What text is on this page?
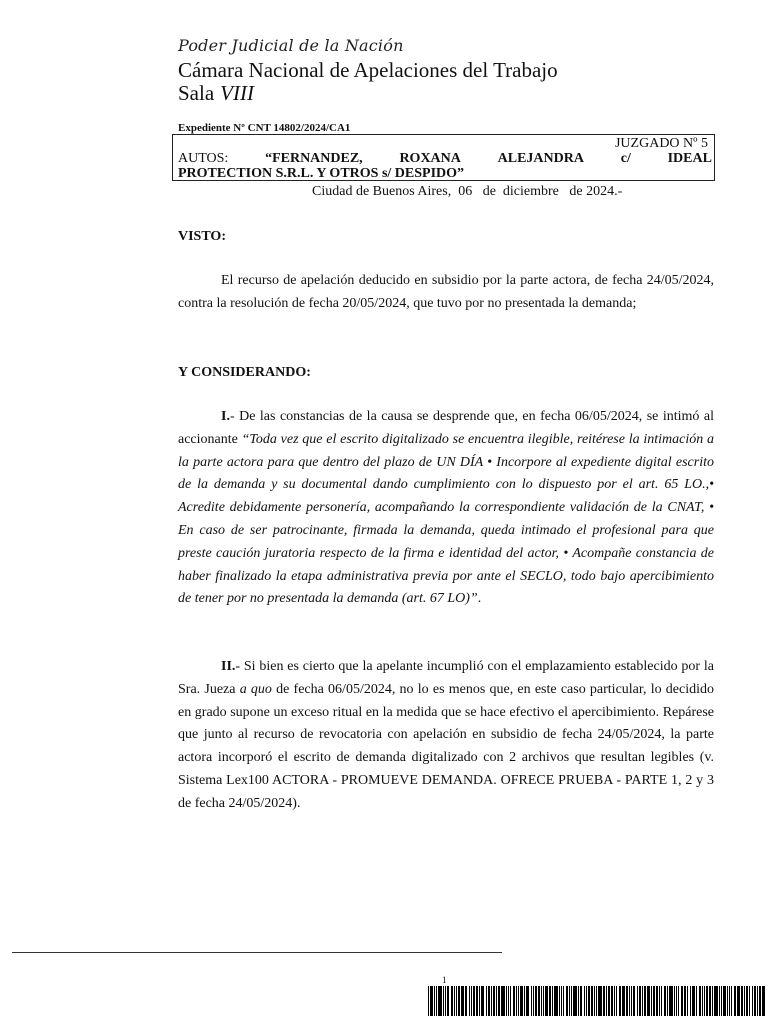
Poder Judicial de la Nación
Cámara Nacional de Apelaciones del Trabajo
Sala VIII
Expediente Nº CNT 14802/2024/CA1
JUZGADO Nº 5
AUTOS:	“FERNANDEZ,	ROXANA	ALEJANDRA	c/	IDEAL
PROTECTION S.R.L. Y OTROS s/ DESPIDO”
Ciudad de Buenos Aires,  06   de  diciembre   de 2024.-
VISTO:
El recurso de apelación deducido en subsidio por la parte actora, de fecha 24/05/2024, contra la resolución de fecha 20/05/2024, que tuvo por no presentada la demanda;
Y CONSIDERANDO:
I.- De las constancias de la causa se desprende que, en fecha 06/05/2024, se intimó al accionante “Toda vez que el escrito digitalizado se encuentra ilegible, reitérese la intimación a la parte actora para que dentro del plazo de UN DÍA • Incorpore al expediente digital escrito de la demanda y su documental dando cumplimiento con lo dispuesto por el art. 65 LO.,• Acredite debidamente personería, acompañando la correspondiente validación de la CNAT, • En caso de ser patrocinante, firmada la demanda, queda intimado el profesional para que preste caución juratoria respecto de la firma e identidad del actor, • Acompañe constancia de haber finalizado la etapa administrativa previa por ante el SECLO, todo bajo apercibimiento de tener por no presentada la demanda (art. 67 LO)”.
II.- Si bien es cierto que la apelante incumplió con el emplazamiento establecido por la Sra. Jueza a quo de fecha 06/05/2024, no lo es menos que, en este caso particular, lo decidido en grado supone un exceso ritual en la medida que se hace efectivo el apercibimiento. Repárese que junto al recurso de revocatoria con apelación en subsidio de fecha 24/05/2024, la parte actora incorporó el escrito de demanda digitalizado con 2 archivos que resultan legibles (v. Sistema Lex100 ACTORA - PROMUEVE DEMANDA. OFRECE PRUEBA - PARTE 1, 2 y 3 de fecha 24/05/2024).
1
